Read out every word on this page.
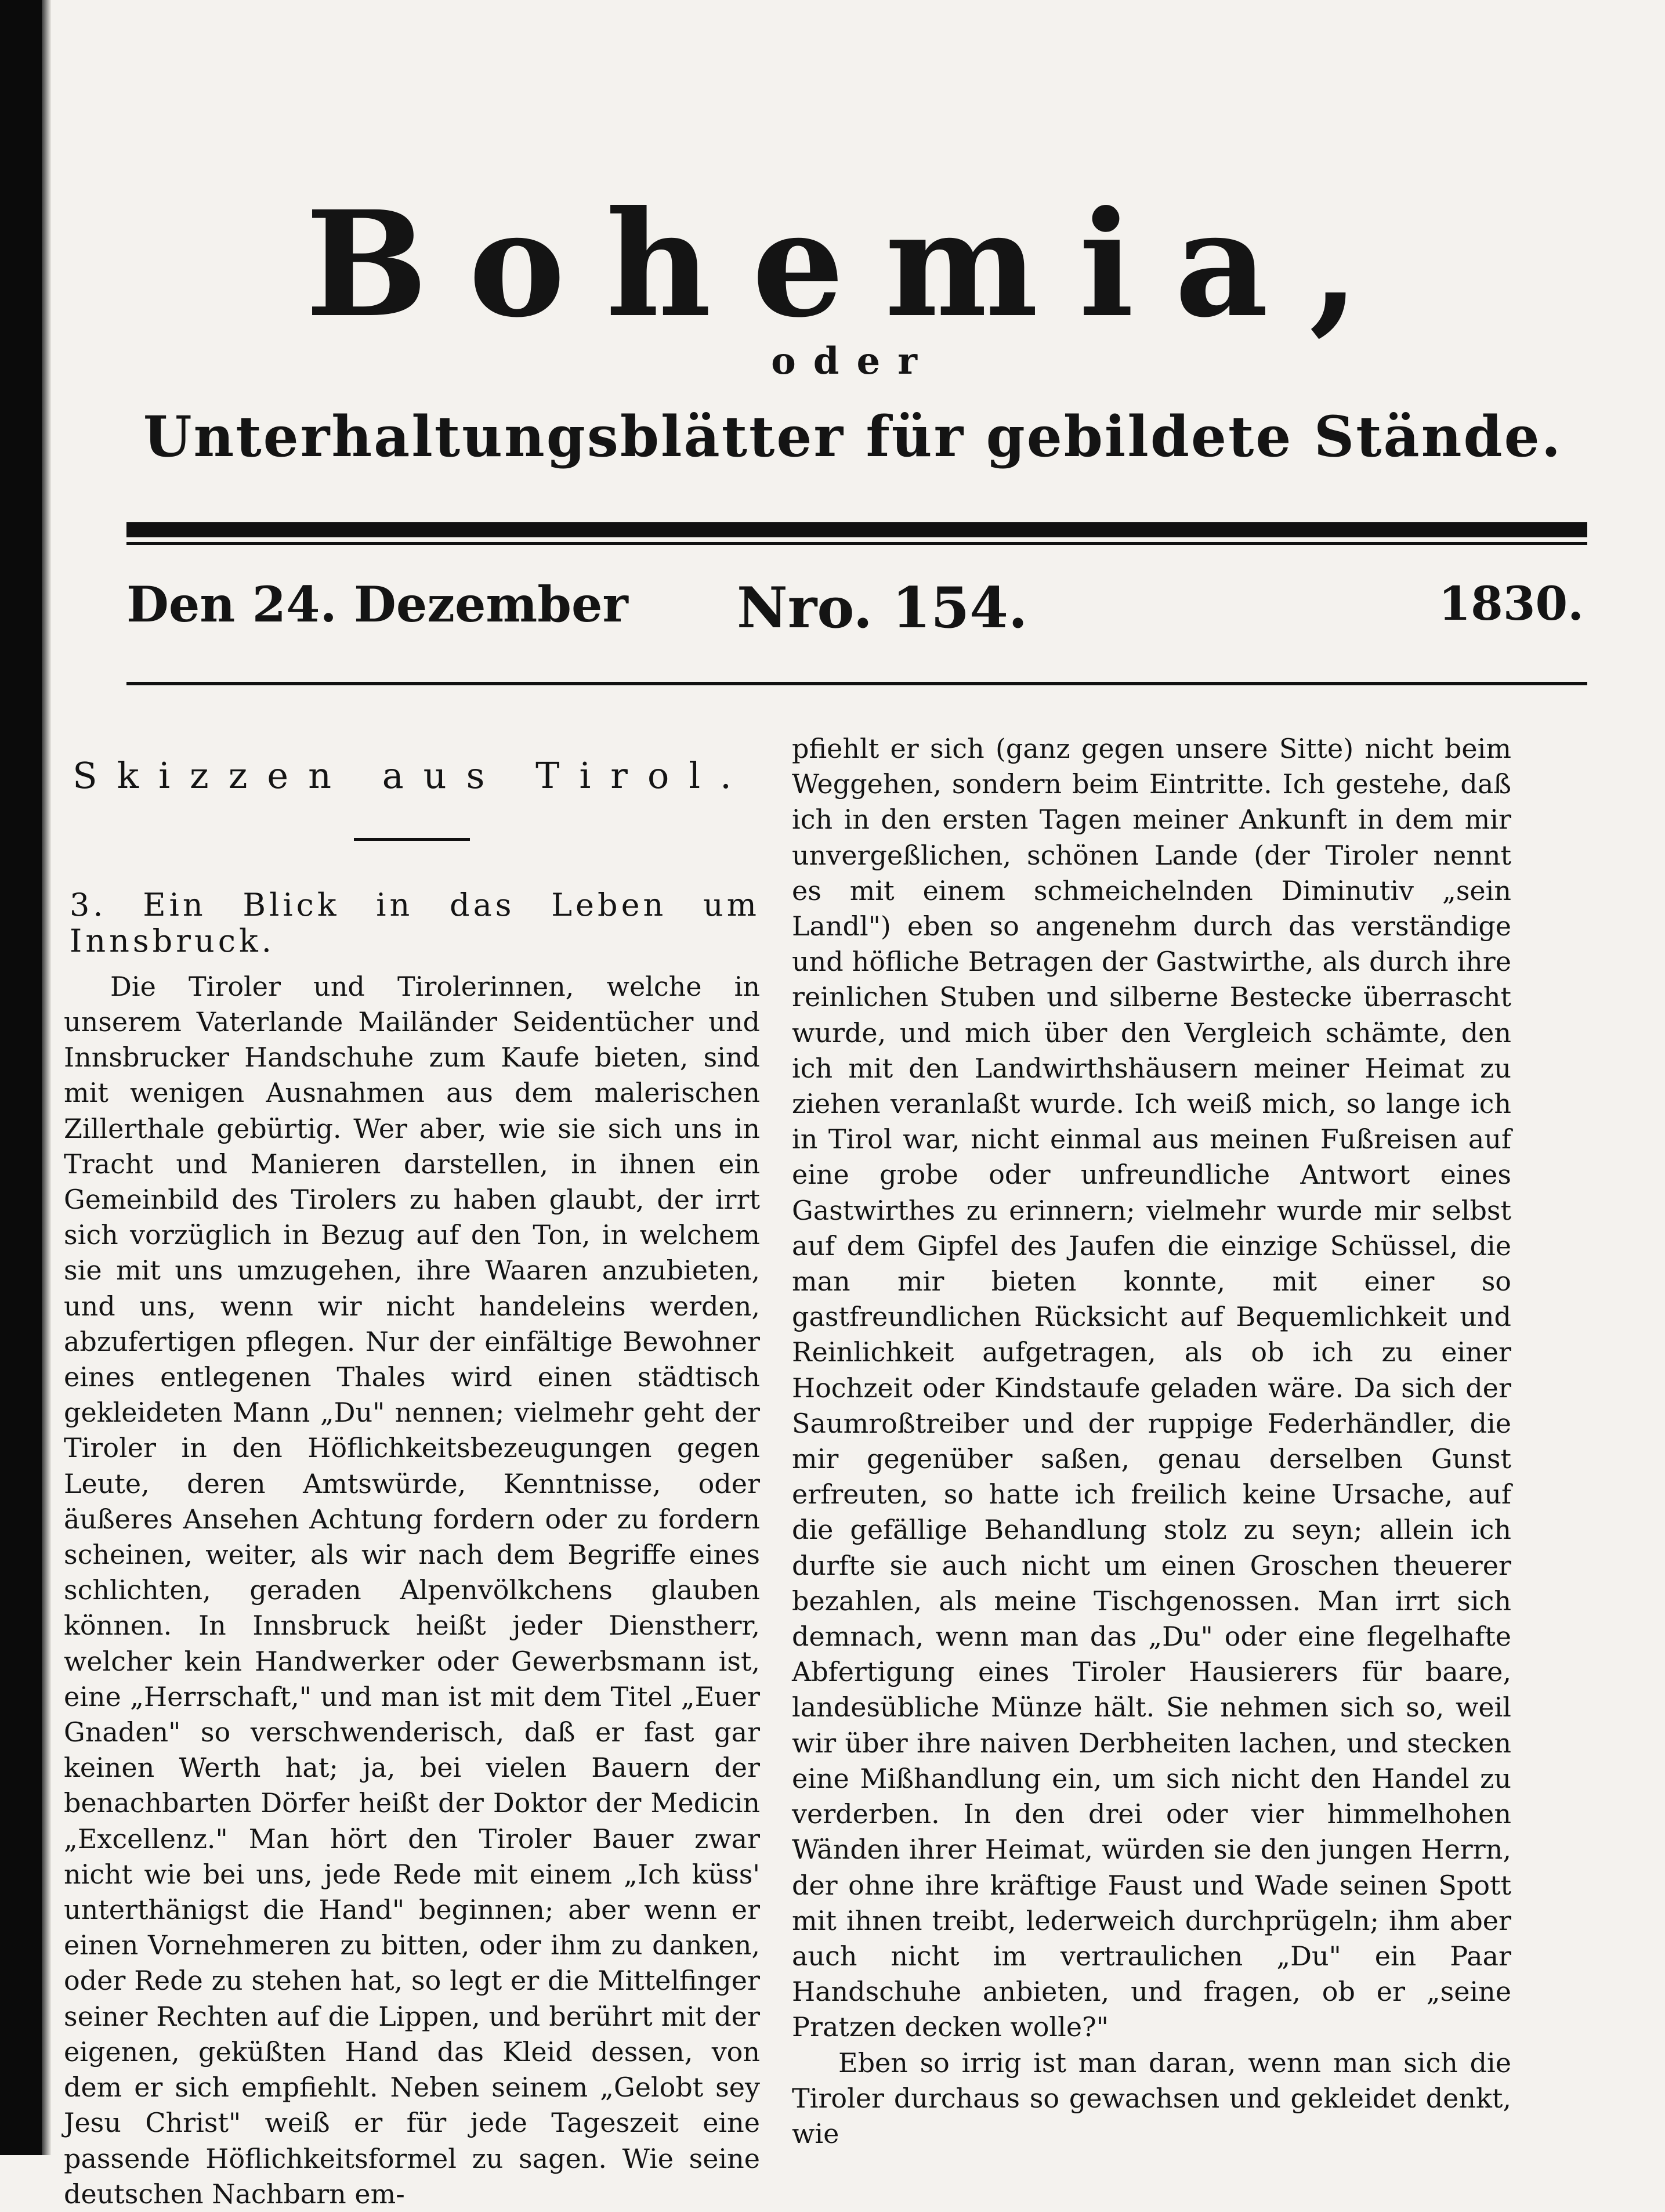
Bohemia,
oder
Unterhaltungsblätter für gebildete Stände.
Den 24. Dezember Nro. 154.	1830.

Skizzen aus Tirol.

3. Ein Blick in das Leben um Innsbruck.

Die Tiroler und Tirolerinnen, welche in unserem Vaterlande Mailänder Seidentücher und Innsbrucker Handschuhe zum Kaufe bieten, sind mit wenigen Ausnahmen aus dem malerischen Zillerthale gebürtig. Wer aber, wie sie sich uns in Tracht und Manieren darstellen, in ihnen ein Gemeinbild des Tirolers zu haben glaubt, der irrt sich vorzüglich in Bezug auf den Ton, in welchem sie mit uns umzugehen, ihre Waaren anzubieten, und uns, wenn wir nicht handeleins werden, abzufertigen pflegen. Nur der einfältige Bewohner eines entlegenen Thales wird einen städtisch gekleideten Mann „Du" nennen; vielmehr geht der Tiroler in den Höflichkeitsbezeugungen gegen Leute, deren Amtswürde, Kenntnisse, oder äußeres Ansehen Achtung fordern oder zu fordern scheinen, weiter, als wir nach dem Begriffe eines schlichten, geraden Alpenvölkchens glauben können. In Innsbruck heißt jeder Dienstherr, welcher kein Handwerker oder Gewerbsmann ist, eine „Herrschaft," und man ist mit dem Titel „Euer Gnaden" so verschwenderisch, daß er fast gar keinen Werth hat; ja, bei vielen Bauern der benachbarten Dörfer heißt der Doktor der Medicin „Excellenz." Man hört den Tiroler Bauer zwar nicht wie bei uns, jede Rede mit einem „Ich küss' unterthänigst die Hand" beginnen; aber wenn er einen Vornehmeren zu bitten, oder ihm zu danken, oder Rede zu stehen hat, so legt er die Mittelfinger seiner Rechten auf die Lippen, und berührt mit der eigenen, geküßten Hand das Kleid dessen, von dem er sich empfiehlt. Neben seinem „Gelobt sey Jesu Christ" weiß er für jede Tageszeit eine passende Höflichkeitsformel zu sagen. Wie seine deutschen Nachbarn em-

pfiehlt er sich (ganz gegen unsere Sitte) nicht beim Weggehen, sondern beim Eintritte. Ich gestehe, daß ich in den ersten Tagen meiner Ankunft in dem mir unvergeßlichen, schönen Lande (der Tiroler nennt es mit einem schmeichelnden Diminutiv „sein Landl") eben so angenehm durch das verständige und höfliche Betragen der Gastwirthe, als durch ihre reinlichen Stuben und silberne Bestecke überrascht wurde, und mich über den Vergleich schämte, den ich mit den Landwirthshäusern meiner Heimat zu ziehen veranlaßt wurde. Ich weiß mich, so lange ich in Tirol war, nicht einmal aus meinen Fußreisen auf eine grobe oder unfreundliche Antwort eines Gastwirthes zu erinnern; vielmehr wurde mir selbst auf dem Gipfel des Jaufen die einzige Schüssel, die man mir bieten konnte, mit einer so gastfreundlichen Rücksicht auf Bequemlichkeit und Reinlichkeit aufgetragen, als ob ich zu einer Hochzeit oder Kindstaufe geladen wäre. Da sich der Saumroßtreiber und der ruppige Federhändler, die mir gegenüber saßen, genau derselben Gunst erfreuten, so hatte ich freilich keine Ursache, auf die gefällige Behandlung stolz zu seyn; allein ich durfte sie auch nicht um einen Groschen theuerer bezahlen, als meine Tischgenossen. Man irrt sich demnach, wenn man das „Du" oder eine flegelhafte Abfertigung eines Tiroler Hausierers für baare, landesübliche Münze hält. Sie nehmen sich so, weil wir über ihre naiven Derbheiten lachen, und stecken eine Mißhandlung ein, um sich nicht den Handel zu verderben. In den drei oder vier himmelhohen Wänden ihrer Heimat, würden sie den jungen Herrn, der ohne ihre kräftige Faust und Wade seinen Spott mit ihnen treibt, lederweich durchprügeln; ihm aber auch nicht im vertraulichen „Du" ein Paar Handschuhe anbieten, und fragen, ob er „seine Pratzen decken wolle?"

Eben so irrig ist man daran, wenn man sich die Tiroler durchaus so gewachsen und gekleidet denkt, wie
